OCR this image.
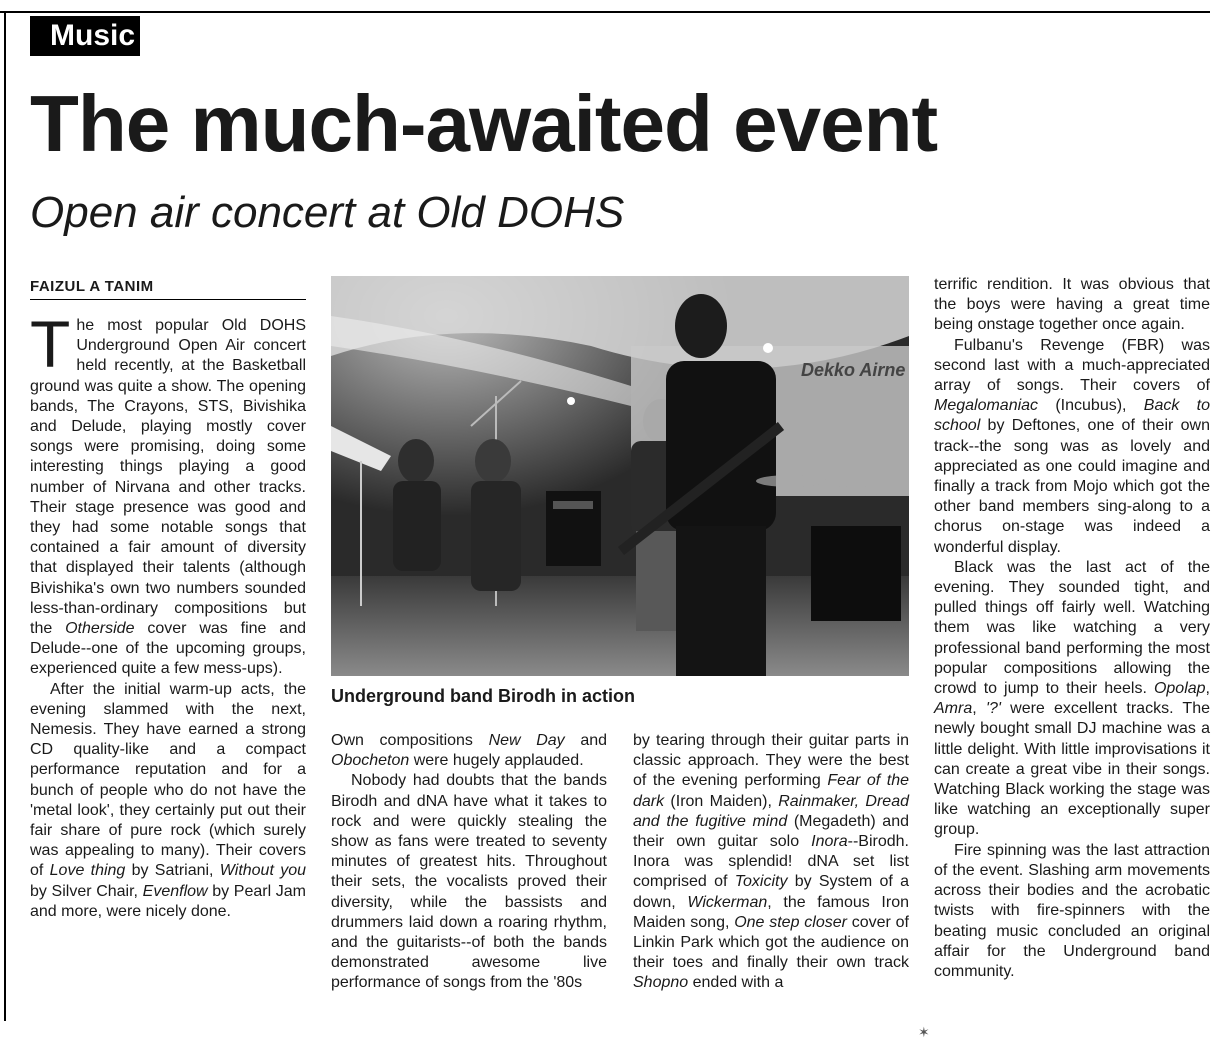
Music
The much-awaited event
Open air concert at Old DOHS
FAIZUL A TANIM

The most popular Old DOHS Underground Open Air concert held recently, at the Basketball ground was quite a show. The opening bands, The Crayons, STS, Bivishika and Delude, playing mostly cover songs were promising, doing some interesting things playing a good number of Nirvana and other tracks. Their stage presence was good and they had some notable songs that contained a fair amount of diversity that displayed their talents (although Bivishika's own two numbers sounded less-than-ordinary compositions but the Otherside cover was fine and Delude--one of the upcoming groups, experienced quite a few mess-ups).

After the initial warm-up acts, the evening slammed with the next, Nemesis. They have earned a strong CD quality-like and a compact performance reputation and for a bunch of people who do not have the 'metal look', they certainly put out their fair share of pure rock (which surely was appealing to many). Their covers of Love thing by Satriani, Without you by Silver Chair, Evenflow by Pearl Jam and more, were nicely done.

Dekko Airne
Underground band Birodh in action

Own compositions New Day and Obocheton were hugely applauded.

Nobody had doubts that the bands Birodh and dNA have what it takes to rock and were quickly stealing the show as fans were treated to seventy minutes of greatest hits. Throughout their sets, the vocalists proved their diversity, while the bassists and drummers laid down a roaring rhythm, and the guitarists--of both the bands demonstrated awesome live performance of songs from the '80s

by tearing through their guitar parts in classic approach. They were the best of the evening performing Fear of the dark (Iron Maiden), Rainmaker, Dread and the fugitive mind (Megadeth) and their own guitar solo Inora--Birodh. Inora was splendid! dNA set list comprised of Toxicity by System of a down, Wickerman, the famous Iron Maiden song, One step closer cover of Linkin Park which got the audience on their toes and finally their own track Shopno ended with a

terrific rendition. It was obvious that the boys were having a great time being onstage together once again.

Fulbanu's Revenge (FBR) was second last with a much-appreciated array of songs. Their covers of Megalomaniac (Incubus), Back to school by Deftones, one of their own track--the song was as lovely and appreciated as one could imagine and finally a track from Mojo which got the other band members sing-along to a chorus on-stage was indeed a wonderful display.

Black was the last act of the evening. They sounded tight, and pulled things off fairly well. Watching them was like watching a very professional band performing the most popular compositions allowing the crowd to jump to their heels. Opolap, Amra, '?' were excellent tracks. The newly bought small DJ machine was a little delight. With little improvisations it can create a great vibe in their songs. Watching Black working the stage was like watching an exceptionally super group.

Fire spinning was the last attraction of the event. Slashing arm movements across their bodies and the acrobatic twists with fire-spinners with the beating music concluded an original affair for the Underground band community.

✶
